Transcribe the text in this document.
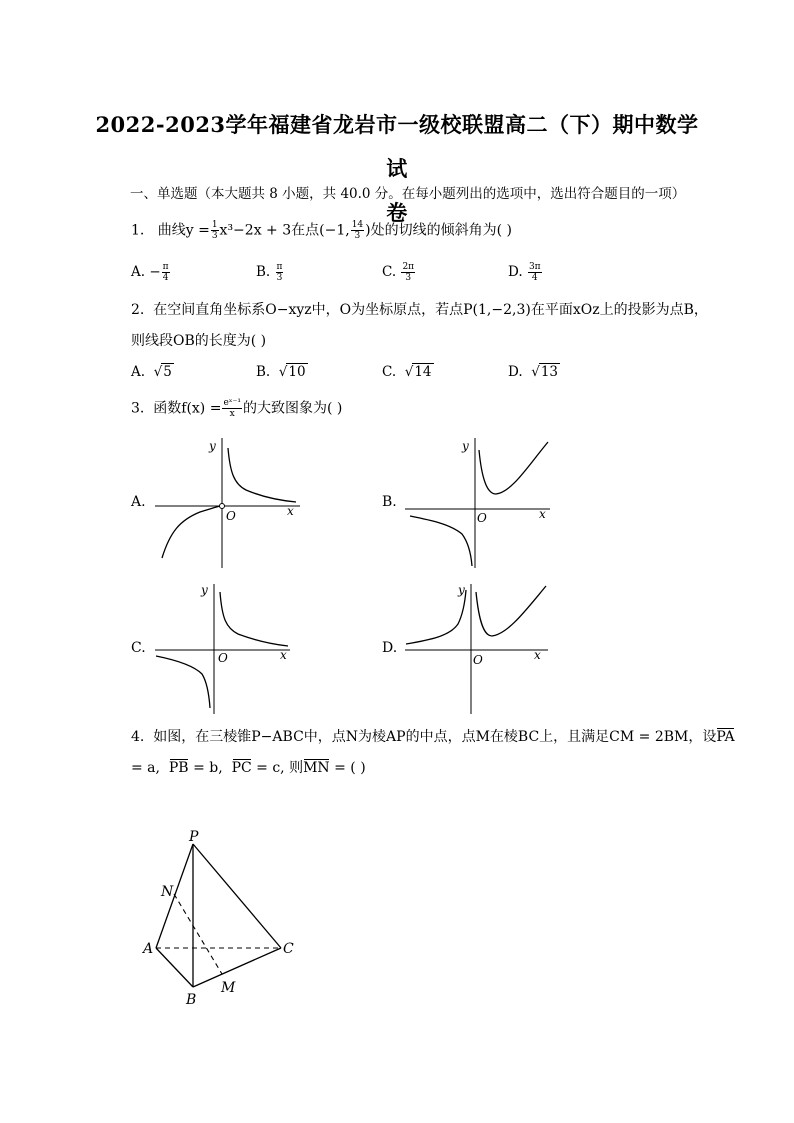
2022-2023学年福建省龙岩市一级校联盟高二（下）期中数学试
卷
一、单选题（本大题共 8 小题，共 40.0 分。在每小题列出的选项中，选出符合题目的一项）
1. 曲线$y = \frac{1}{3} x^3-2x + 3$在点(−1, $\frac{14}{3}$ )处的切线的倾斜角为( )
A. − $\frac{\pi}{4}$	B. $\frac{\pi}{3}$	C. $\frac{2\pi}{3}$	D. $\frac{3\pi}{4}$
2. 在空间直角坐标系O−xyz中，O为坐标原点，若点P(1,−2,3)在平面xOz上的投影为点B，
则线段OB的长度为( )
A.  √5	B.  √10	C.  √14	D.  √13
3. 函数$f(x) = \frac{\text{eˣ⁻¹}}{x}$ 的大致图象为( )
A.
y
x
O
B.
y
x
O
C.
y
x
O
D.
y
x
O
4. 如图，在三棱锥P−ABC中，点N为棱AP的中点，点M在棱BC上，且满足CM = 2BM，设PA
= a, PB = b, PC = c, 则MN = ( )
P
N
A	C
B
M
